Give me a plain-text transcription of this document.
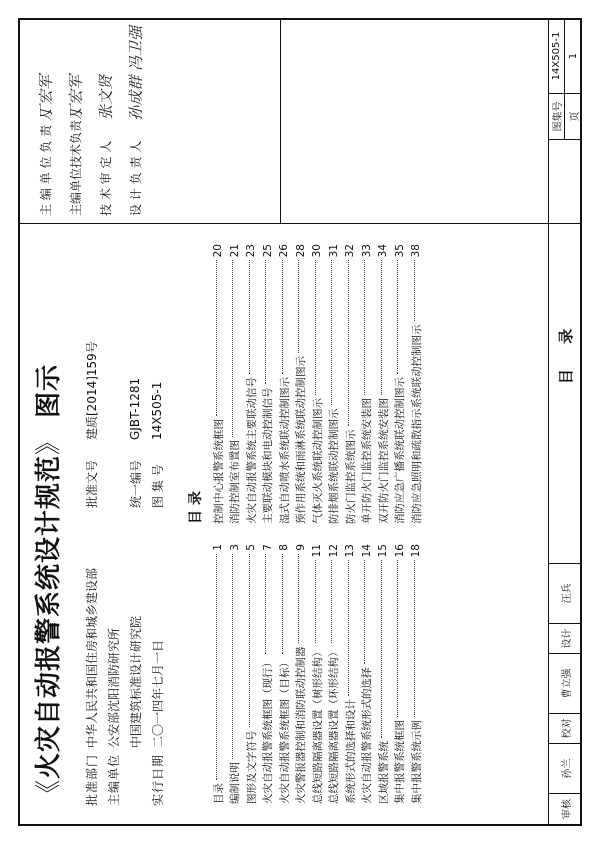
《火灾自动报警系统设计规范》 图示
批准部门
中华人民共和国住房和城乡建设部
批准文号
建质[2014]159号
主编单位
公安部沈阳消防研究所 中国建筑标准设计研究院
统一编号
GJBT-1281
实行日期
二〇一四年七月一日
图 集 号
14X505-1
主 编 单 位 负 责 人
丁宏军
主编单位技术负责人
丁宏军
技 术 审 定 人
张文贤
设 计 负 责 人
孙成群 冯卫强
目 录
目录
1
编制说明
3
图形及文字符号
5
火灾自动报警系统框图（现行）
7
火灾自动报警系统框图（目标）
8
火灾警报器控制和消防联动控制器
9
总线短路隔离器设置（树形结构）
11
总线短路隔离器设置（环形结构）
12
系统形式的选择和设计
13
火灾自动报警系统形式的选择
14
区域报警系统
15
集中报警系统框图
16
集中报警系统示例
18
控制中心报警系统框图
20
消防控制室布置图
21
火灾自动报警系统主要联动信号
23
主要联动模块和电动控制信号
25
湿式自动喷水系统联动控制图示
26
预作用系统和雨淋系统联动控制图示
28
气体灭火系统联动控制图示
30
防排烟系统联动控制图示
31
防火门监控系统图示
32
单开防火门监控系统安装图
33
双开防火门监控系统安装图
34
消防应急广播系统联动控制图示
35
消防应急照明和疏散指示系统联动控制图示
38
审核
孙兰
校对
曹立强
设计
汪兵
目 录
图集号
14X505-1
页
1
